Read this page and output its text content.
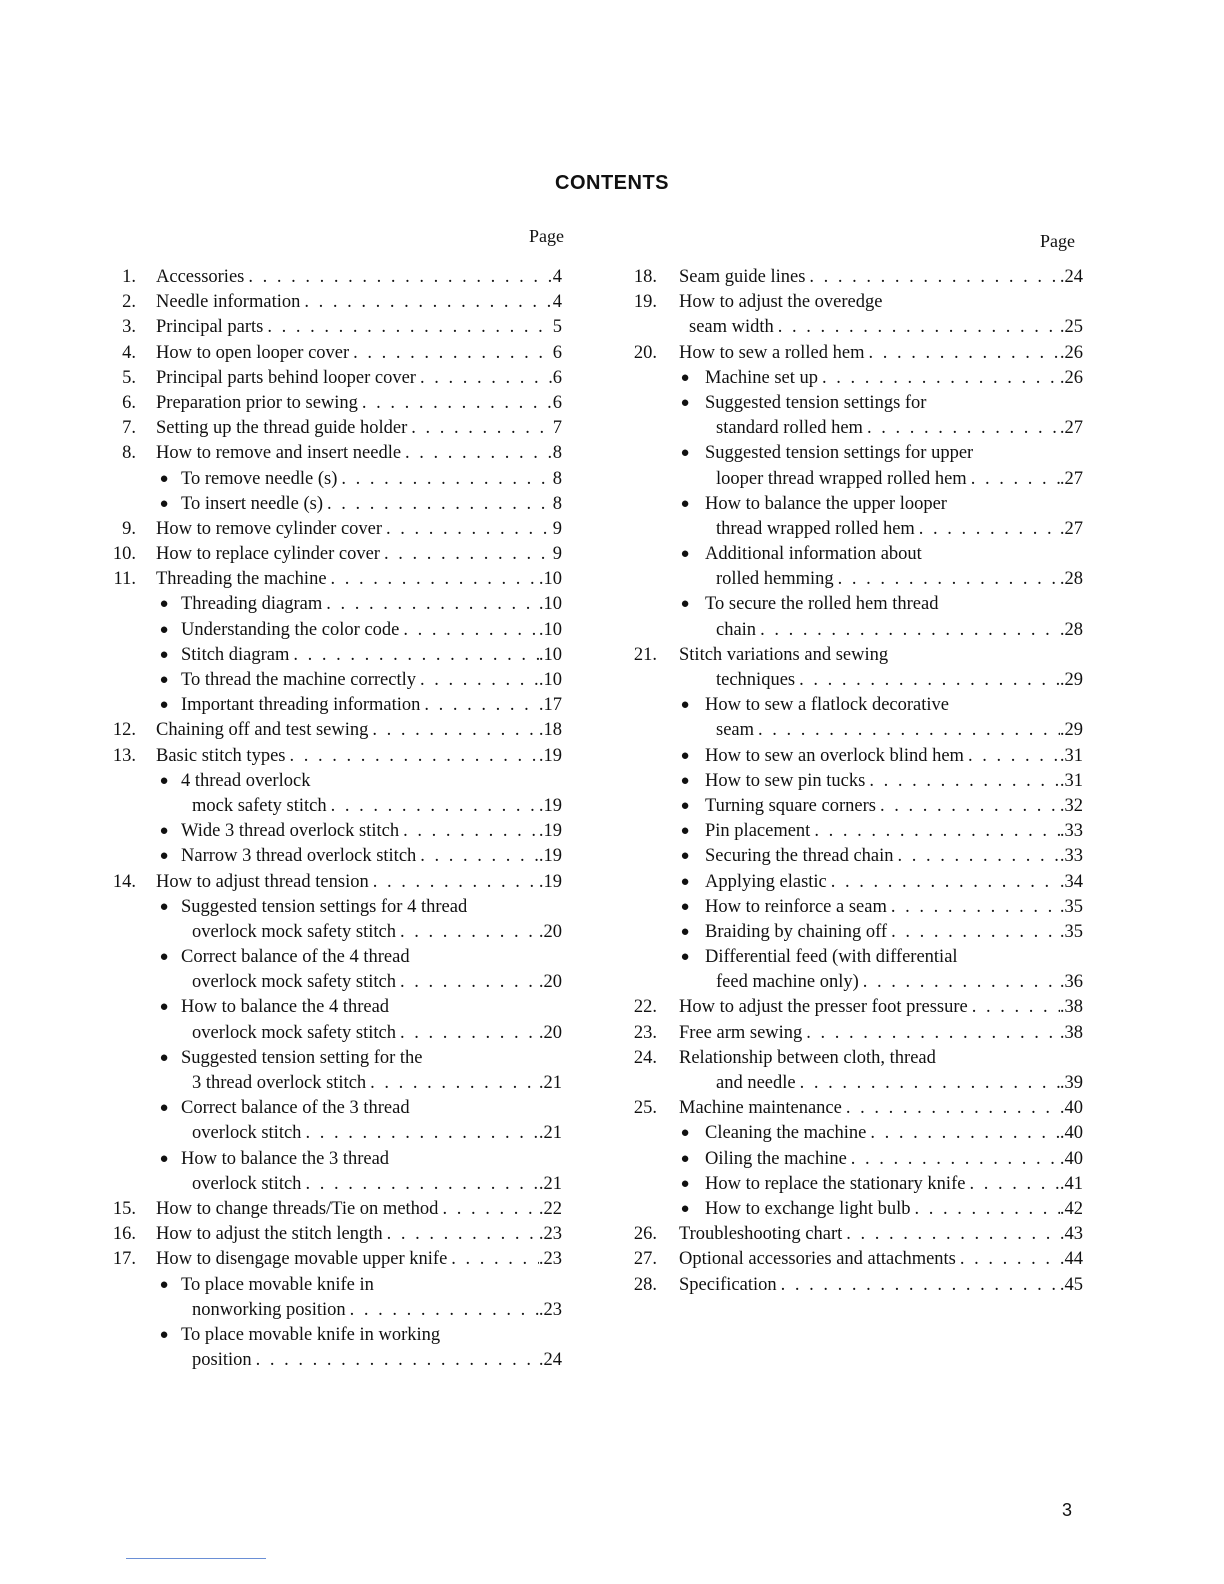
CONTENTS
Page	Page
1. Accessories . . .	4
2. Needle information . . .	4
3. Principal parts . . .	5
4. How to open looper cover . . .	6
5. Principal parts behind looper cover . . .	6
6. Preparation prior to sewing . . .	6
7. Setting up the thread guide holder . . .	7
8. How to remove and insert needle . . .	8
● To remove needle (s) . . .	8
● To insert needle (s) . . .	8
9. How to remove cylinder cover . . .	9
10. How to replace cylinder cover . . .	9
11. Threading the machine . . .	.10
● Threading diagram . . .	.10
● Understanding the color code . . .	.10
● Stitch diagram . . .	.10
● To thread the machine correctly . . .	.10
● Important threading information . . .	.17
12. Chaining off and test sewing . . .	.18
13. Basic stitch types . . .	.19
● 4 thread overlock
mock safety stitch . . .	.19
● Wide 3 thread overlock stitch . . .	.19
● Narrow 3 thread overlock stitch . . .	.19
14. How to adjust thread tension . . .	.19
● Suggested tension settings for 4 thread
overlock mock safety stitch . . .	.20
● Correct balance of the 4 thread
overlock mock safety stitch . . .	.20
● How to balance the 4 thread
overlock mock safety stitch . . .	.20
● Suggested tension setting for the
3 thread overlock stitch . . .	.21
● Correct balance of the 3 thread
overlock stitch . . .	.21
● How to balance the 3 thread
overlock stitch . . .	.21
15. How to change threads/Tie on method . . .	.22
16. How to adjust the stitch length . . .	.23
17. How to disengage movable upper knife . . .	.23
● To place movable knife in
nonworking position . . .	.23
● To place movable knife in working
position . . .	.24
18. Seam guide lines . . .	.24
19. How to adjust the overedge
seam width . . .	.25
20. How to sew a rolled hem . . .	.26
● Machine set up . . .	.26
● Suggested tension settings for
standard rolled hem . . .	.27
● Suggested tension settings for upper
looper thread wrapped rolled hem . . .	.27
● How to balance the upper looper
thread wrapped rolled hem . . .	.27
● Additional information about
rolled hemming . . .	.28
● To secure the rolled hem thread
chain . . .	.28
21. Stitch variations and sewing
techniques . . .	.29
● How to sew a flatlock decorative
seam . . .	.29
● How to sew an overlock blind hem . . .	.31
● How to sew pin tucks . . .	.31
● Turning square corners . . .	.32
● Pin placement . . .	.33
● Securing the thread chain . . .	.33
● Applying elastic . . .	.34
● How to reinforce a seam . . .	.35
● Braiding by chaining off . . .	.35
● Differential feed (with differential
feed machine only) . . .	.36
22. How to adjust the presser foot pressure . . .	.38
23. Free arm sewing . . .	.38
24. Relationship between cloth, thread
and needle . . .	.39
25. Machine maintenance . . .	.40
● Cleaning the machine . . .	.40
● Oiling the machine . . .	.40
● How to replace the stationary knife . . .	.41
● How to exchange light bulb . . .	.42
26. Troubleshooting chart . . .	.43
27. Optional accessories and attachments . . .	.44
28. Specification . . .	.45
3
